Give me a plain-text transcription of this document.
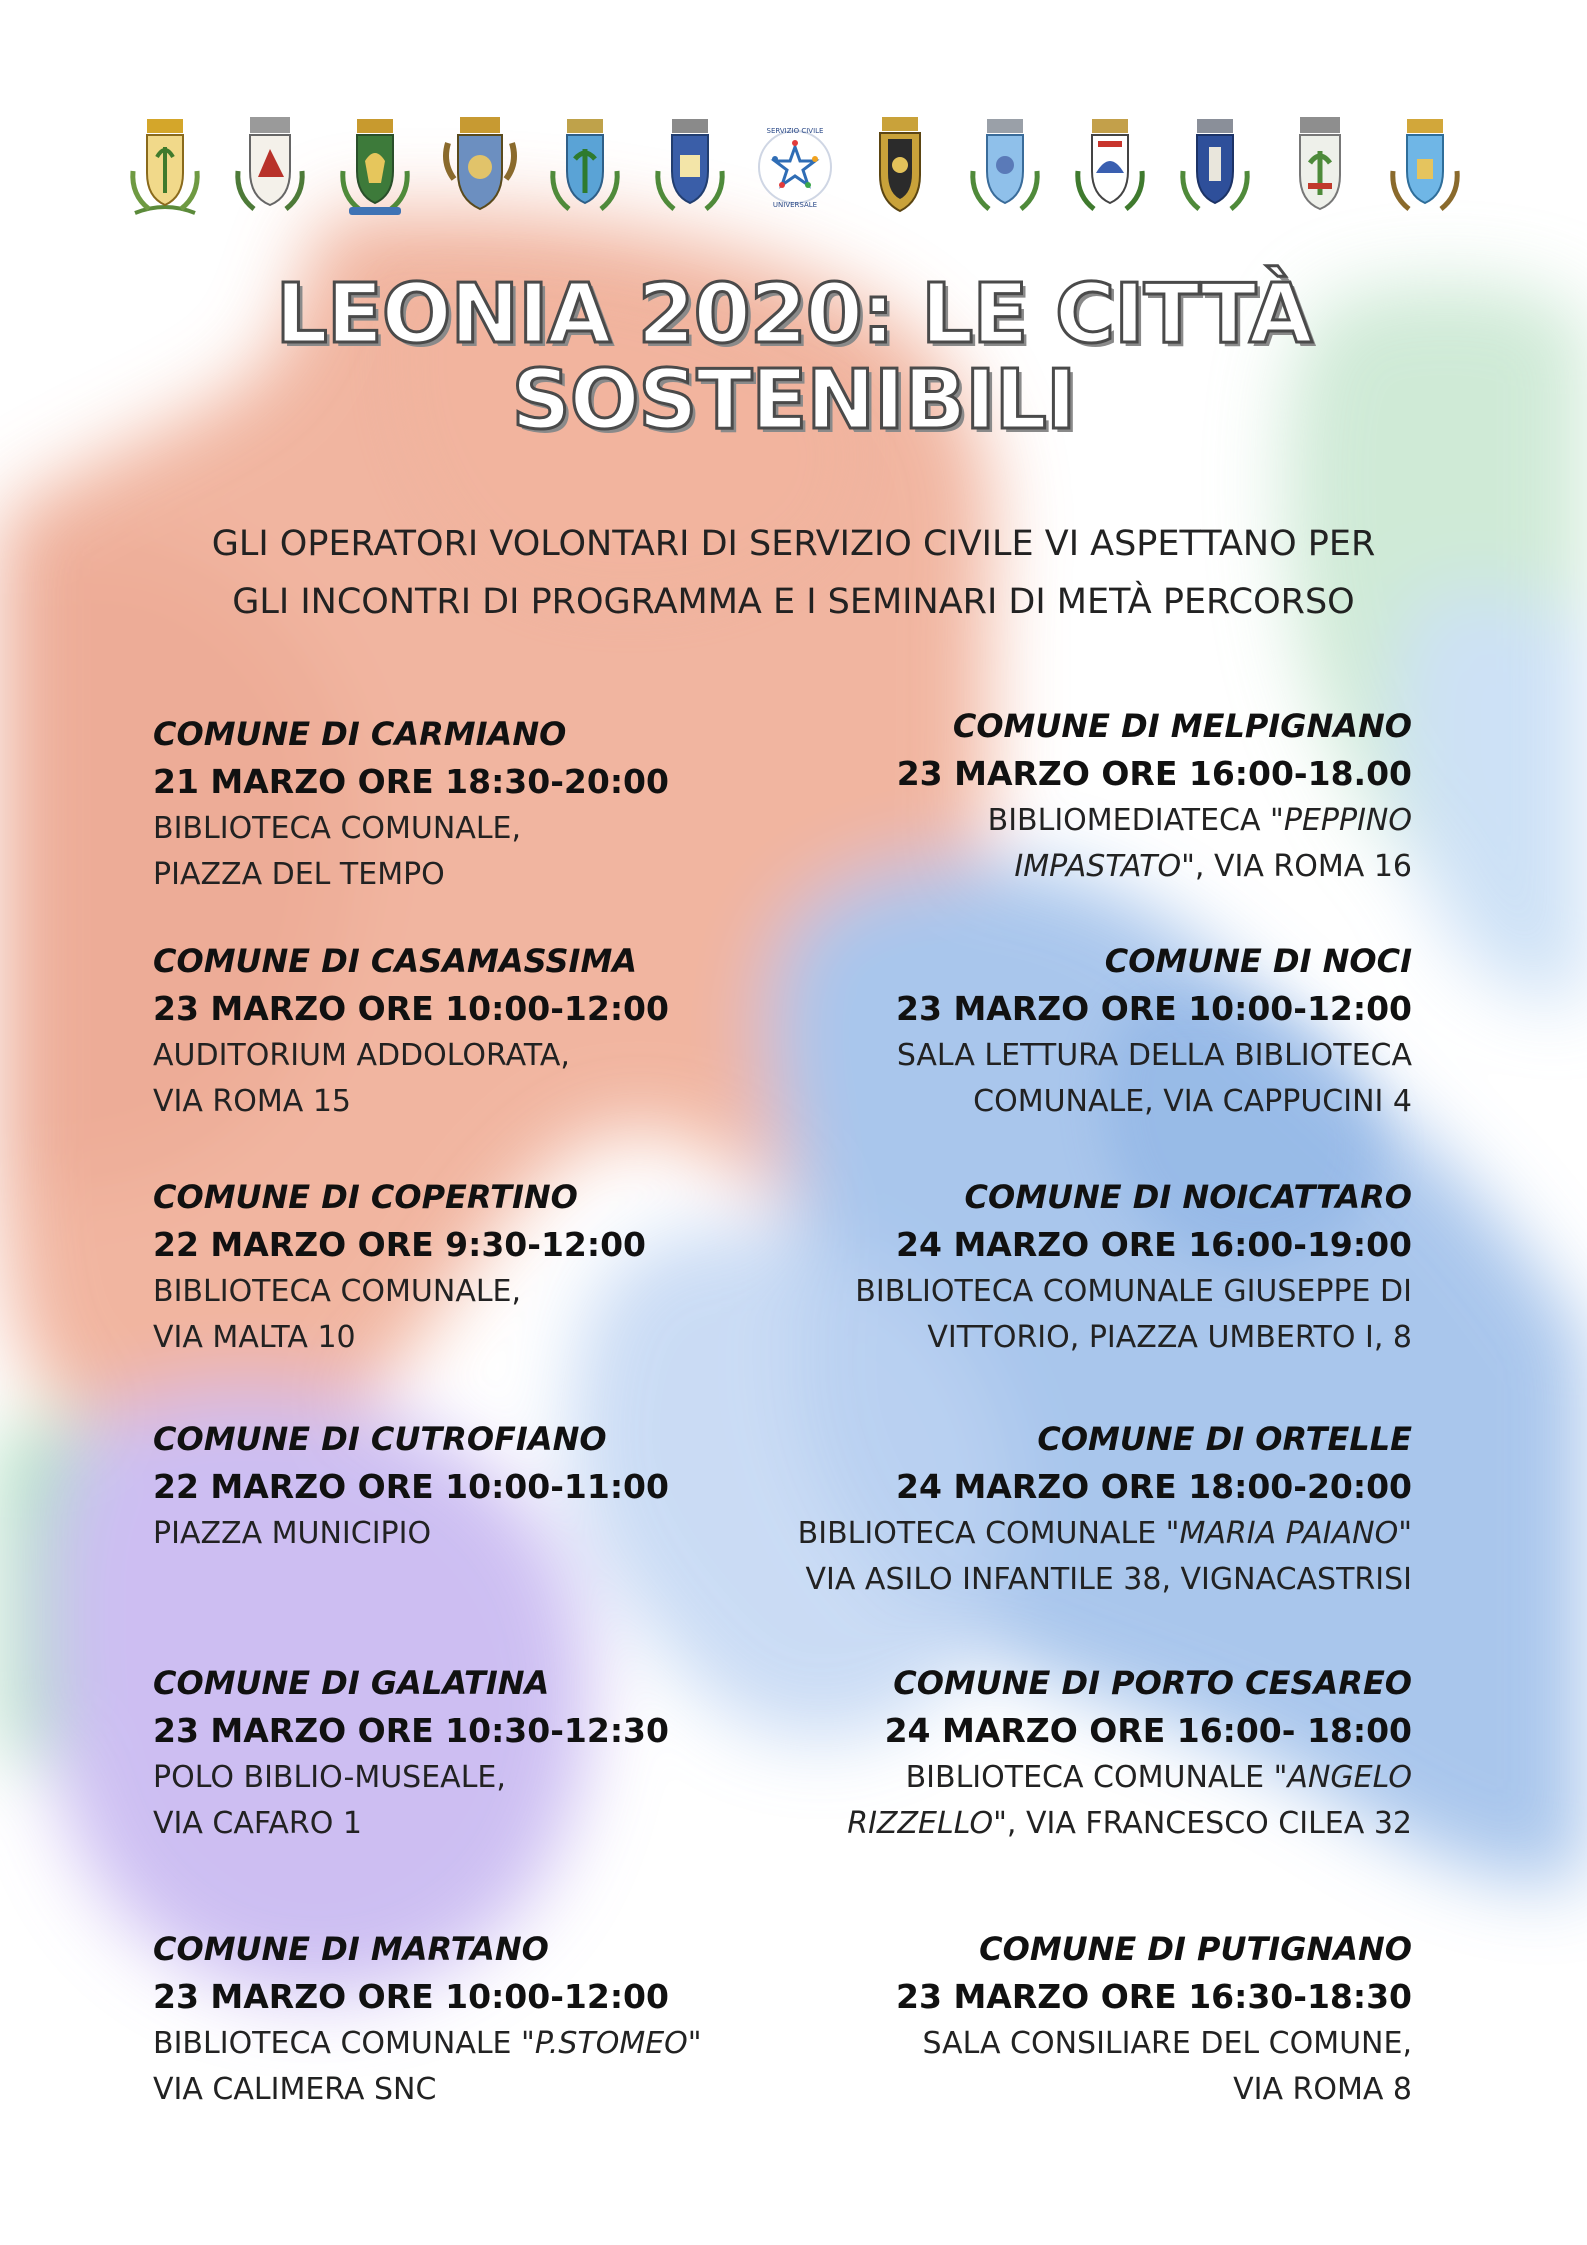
SERVIZIO CIVILE
UNIVERSALE
LEONIA 2020: LE CITTÀ
SOSTENIBILI
GLI OPERATORI VOLONTARI DI SERVIZIO CIVILE VI ASPETTANO PER
GLI INCONTRI DI PROGRAMMA E I SEMINARI DI METÀ PERCORSO
COMUNE DI CARMIANO
21 MARZO ORE 18:30-20:00
BIBLIOTECA COMUNALE,
PIAZZA DEL TEMPO
COMUNE DI CASAMASSIMA
23 MARZO ORE 10:00-12:00
AUDITORIUM ADDOLORATA,
VIA ROMA 15
COMUNE DI COPERTINO
22 MARZO ORE 9:30-12:00
BIBLIOTECA COMUNALE,
VIA MALTA 10
COMUNE DI CUTROFIANO
22 MARZO ORE 10:00-11:00
PIAZZA MUNICIPIO
COMUNE DI GALATINA
23 MARZO ORE 10:30-12:30
POLO BIBLIO-MUSEALE,
VIA CAFARO 1
COMUNE DI MARTANO
23 MARZO ORE 10:00-12:00
BIBLIOTECA COMUNALE "P.STOMEO"
VIA CALIMERA SNC
COMUNE DI MELPIGNANO
23 MARZO ORE 16:00-18.00
BIBLIOMEDIATECA "PEPPINO
IMPASTATO", VIA ROMA 16
COMUNE DI NOCI
23 MARZO ORE 10:00-12:00
SALA LETTURA DELLA BIBLIOTECA
COMUNALE, VIA CAPPUCINI 4
COMUNE DI NOICATTARO
24 MARZO ORE 16:00-19:00
BIBLIOTECA COMUNALE GIUSEPPE DI
VITTORIO, PIAZZA UMBERTO I, 8
COMUNE DI ORTELLE
24 MARZO ORE 18:00-20:00
BIBLIOTECA COMUNALE "MARIA PAIANO"
VIA ASILO INFANTILE 38, VIGNACASTRISI
COMUNE DI PORTO CESAREO
24 MARZO ORE 16:00- 18:00
BIBLIOTECA COMUNALE "ANGELO
RIZZELLO", VIA FRANCESCO CILEA 32
COMUNE DI PUTIGNANO
23 MARZO ORE 16:30-18:30
SALA CONSILIARE DEL COMUNE,
VIA ROMA 8
